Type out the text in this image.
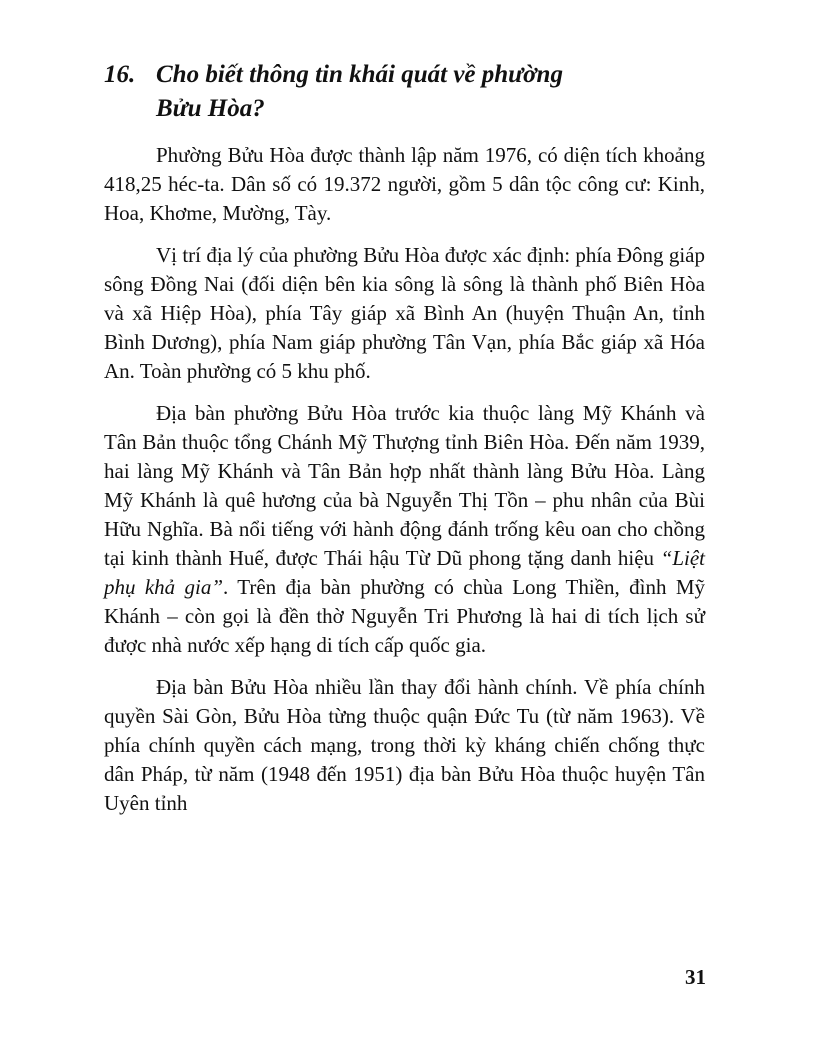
16. Cho biết thông tin khái quát về phường
Bửu Hòa?

Phường Bửu Hòa được thành lập năm 1976, có diện tích khoảng 418,25 héc-ta. Dân số có 19.372 người, gồm 5 dân tộc công cư: Kinh, Hoa, Khơme, Mường, Tày.

Vị trí địa lý của phường Bửu Hòa được xác định: phía Đông giáp sông Đồng Nai (đối diện bên kia sông là sông là thành phố Biên Hòa và xã Hiệp Hòa), phía Tây giáp xã Bình An (huyện Thuận An, tỉnh Bình Dương), phía Nam giáp phường Tân Vạn, phía Bắc giáp xã Hóa An. Toàn phường có 5 khu phố.

Địa bàn phường Bửu Hòa trước kia thuộc làng Mỹ Khánh và Tân Bản thuộc tổng Chánh Mỹ Thượng tỉnh Biên Hòa. Đến năm 1939, hai làng Mỹ Khánh và Tân Bản hợp nhất thành làng Bửu Hòa. Làng Mỹ Khánh là quê hương của bà Nguyễn Thị Tồn – phu nhân của Bùi Hữu Nghĩa. Bà nổi tiếng với hành động đánh trống kêu oan cho chồng tại kinh thành Huế, được Thái hậu Từ Dũ phong tặng danh hiệu “Liệt phụ khả gia”. Trên địa bàn phường có chùa Long Thiền, đình Mỹ Khánh – còn gọi là đền thờ Nguyễn Tri Phương là hai di tích lịch sử được nhà nước xếp hạng di tích cấp quốc gia.

Địa bàn Bửu Hòa nhiều lần thay đổi hành chính. Về phía chính quyền Sài Gòn, Bửu Hòa từng thuộc quận Đức Tu (từ năm 1963). Về phía chính quyền cách mạng, trong thời kỳ kháng chiến chống thực dân Pháp, từ năm (1948 đến 1951) địa bàn Bửu Hòa thuộc huyện Tân Uyên tỉnh

31
